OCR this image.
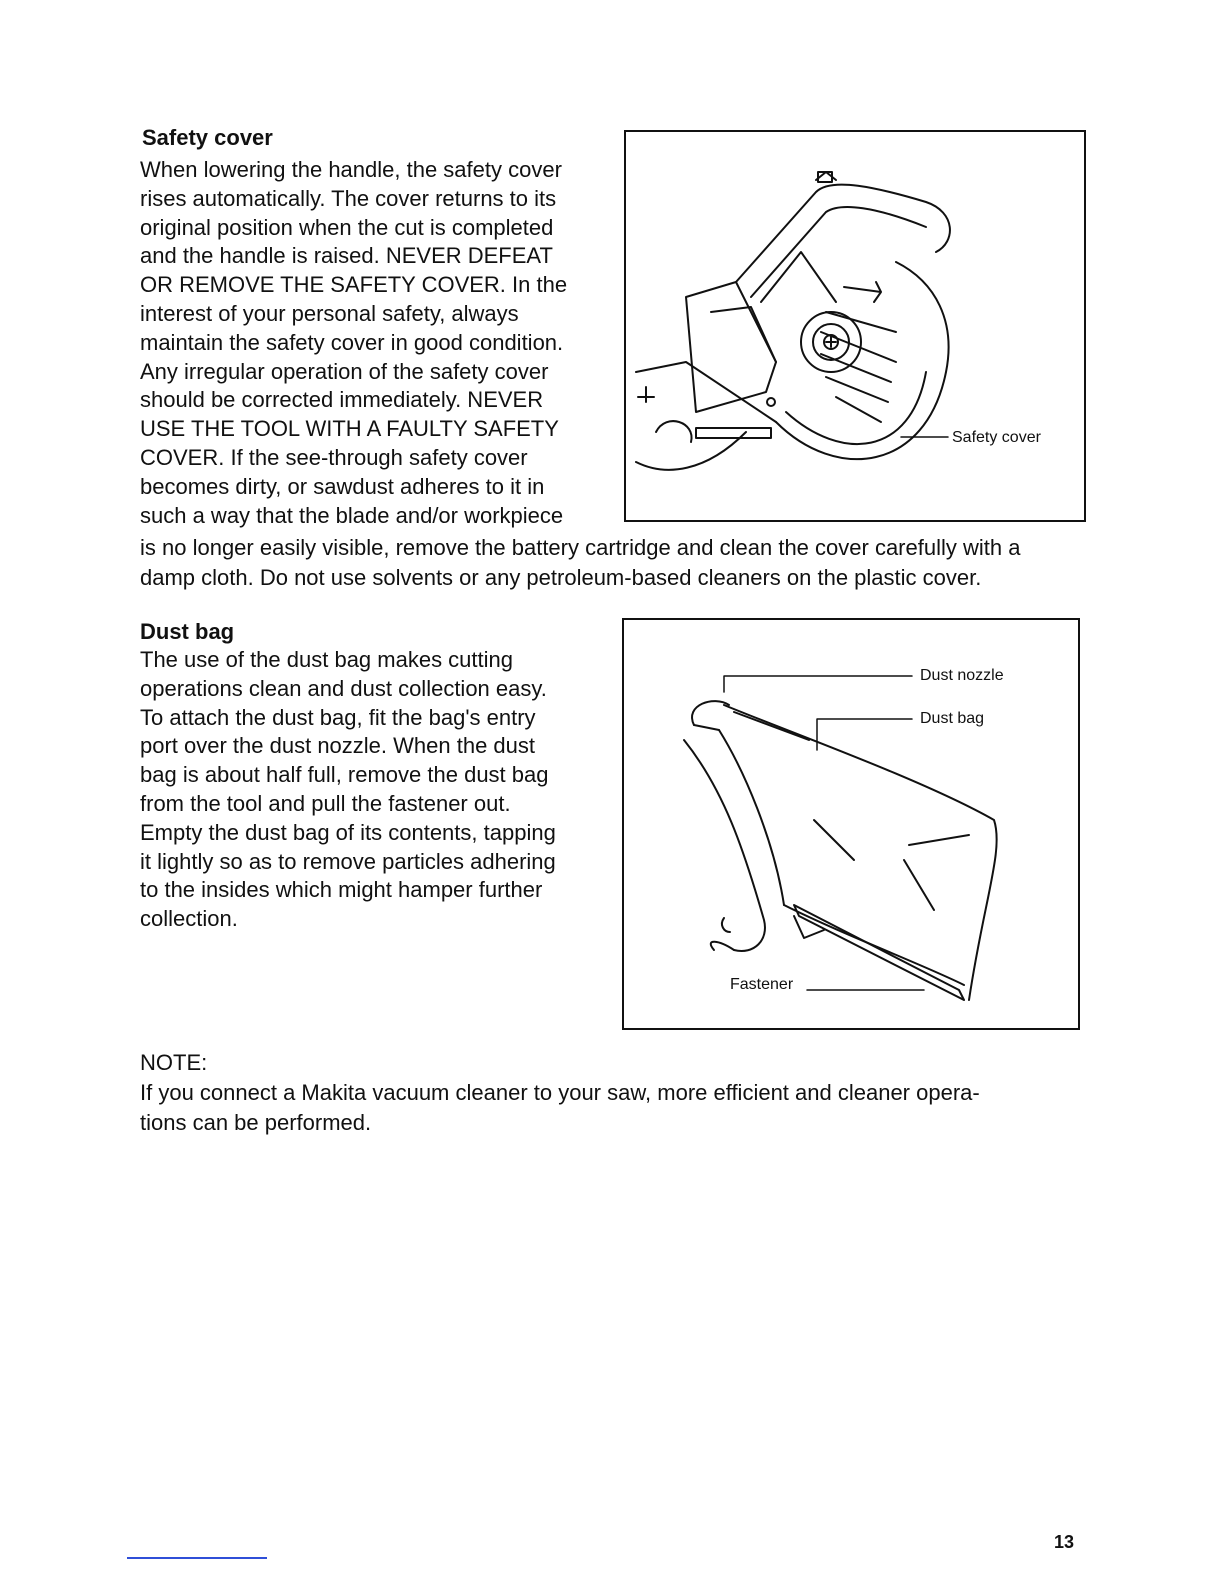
Safety cover
When lowering the handle, the safety cover
rises automatically. The cover returns to its
original position when the cut is completed
and the handle is raised. NEVER DEFEAT
OR REMOVE THE SAFETY COVER. In the
interest of your personal safety, always
maintain the safety cover in good condition.
Any irregular operation of the safety cover
should be corrected immediately. NEVER
USE THE TOOL WITH A FAULTY SAFETY
COVER. If the see-through safety cover
becomes dirty, or sawdust adheres to it in
such a way that the blade and/or workpiece
is no longer easily visible, remove the battery cartridge and clean the cover carefully with a
damp cloth. Do not use solvents or any petroleum-based cleaners on the plastic cover.
Safety cover
Dust bag
The use of the dust bag makes cutting
operations clean and dust collection easy.
To attach the dust bag, fit the bag's entry
port over the dust nozzle. When the dust
bag is about half full, remove the dust bag
from the tool and pull the fastener out.
Empty the dust bag of its contents, tapping
it lightly so as to remove particles adhering
to the insides which might hamper further
collection.
Dust nozzle
Dust bag
Fastener
NOTE:
If you connect a Makita vacuum cleaner to your saw, more efficient and cleaner opera-
tions can be performed.
13
